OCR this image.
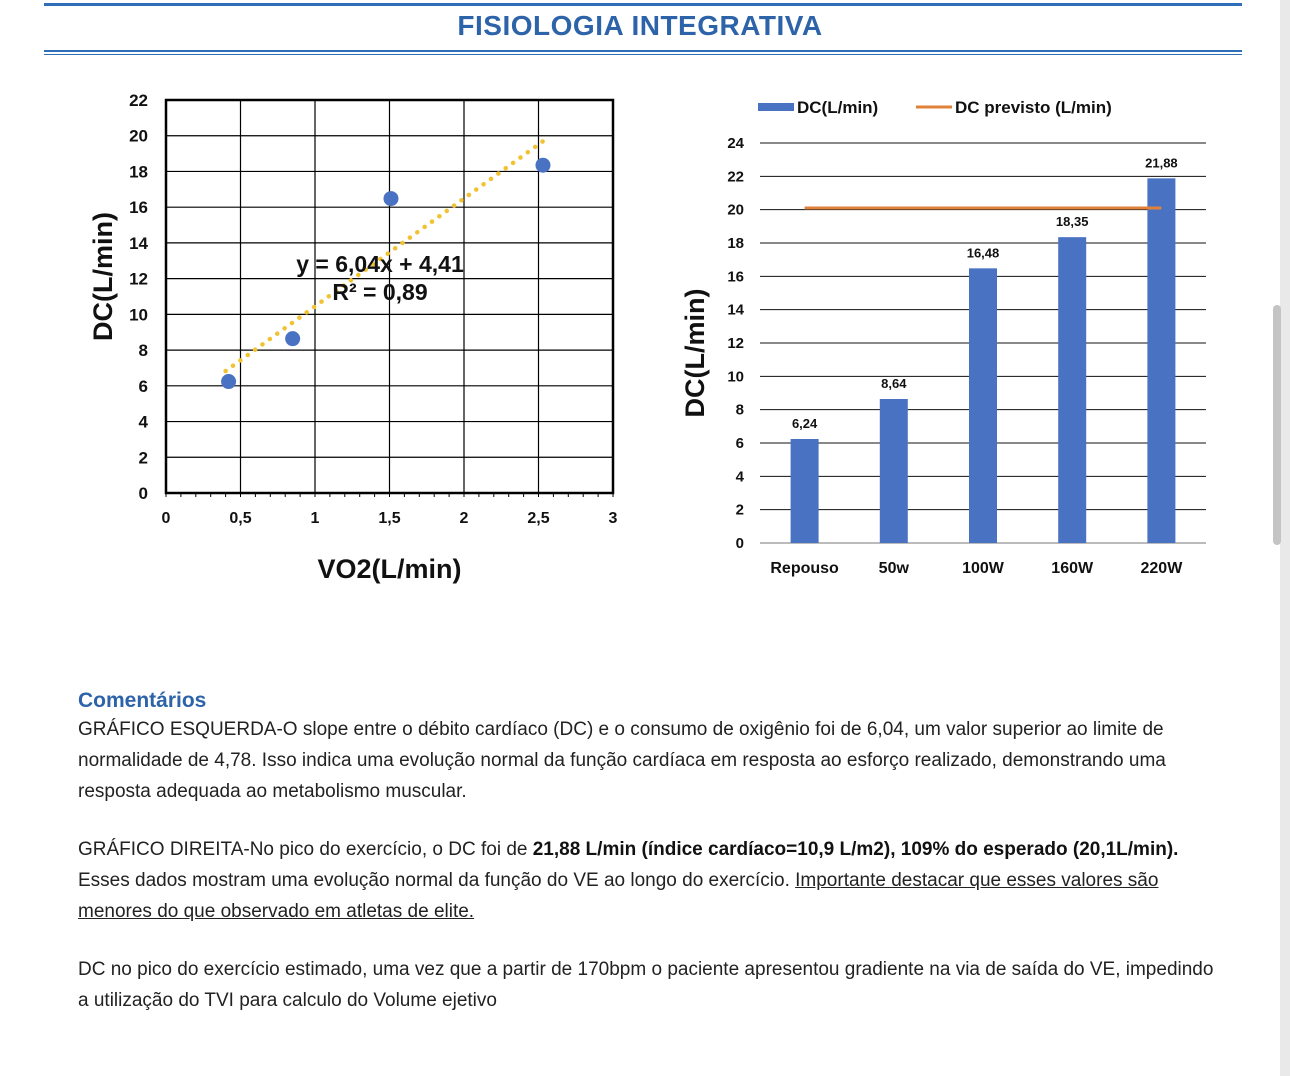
FISIOLOGIA INTEGRATIVA
0	0,5	1	1,5	2	2,5	3
0
2
4
6
8
10
12
14
16
18
20
22
VO2(L/min)
DC(L/min)	y = 6,04x + 4,41
R² = 0,89
0
2
4
6
8
10
12
14
16
18
20
22
24
DC(L/min)
6,24
8,64
16,48
18,35
21,88
Repouso 50w	100W	160W	220W
DC(L/min)	DC previsto (L/min)
Comentários

GRÁFICO ESQUERDA-O slope entre o débito cardíaco (DC) e o consumo de oxigênio foi de 6,04, um valor superior ao limite de normalidade de 4,78. Isso indica uma evolução normal da função cardíaca em resposta ao esforço realizado, demonstrando uma resposta adequada ao metabolismo muscular.

GRÁFICO DIREITA-No pico do exercício, o DC foi de 21,88 L/min (índice cardíaco=10,9 L/m2), 109% do esperado (20,1L/min). Esses dados mostram uma evolução normal da função do VE ao longo do exercício. Importante destacar que esses valores são menores do que observado em atletas de elite.

DC no pico do exercício estimado, uma vez que a partir de 170bpm o paciente apresentou gradiente na via de saída do VE, impedindo a utilização do TVI para calculo do Volume ejetivo
